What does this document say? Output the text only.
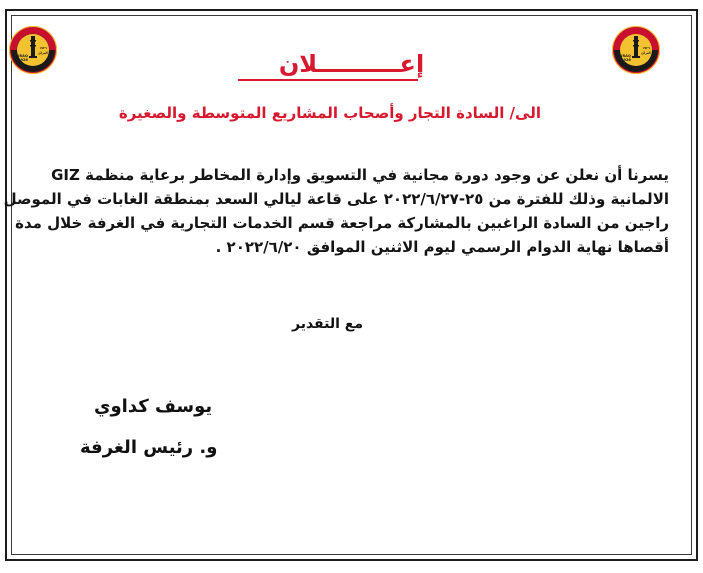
IRAQ
1926
١٩٢٦
العراق
IRAQ
1926
١٩٢٦
العراق
إعــــــــــلان
الى/ السادة التجار وأصحاب المشاريع المتوسطة والصغيرة
يسرنا أن نعلن عن وجود دورة مجانية في التسويق وإدارة المخاطر برعاية منظمة GIZ
الالمانية وذلك للفترة من ٢٥-٢٠٢٢/٦/٢٧ على قاعة ليالي السعد بمنطقة الغابات في الموصل
راجين من السادة الراغبين بالمشاركة مراجعة قسم الخدمات التجارية في الغرفة خلال مدة
أقصاها نهاية الدوام الرسمي ليوم الاثنين الموافق ٢٠٢٢/٦/٢٠ .
مع التقدير
يوسف كداوي
و. رئيس الغرفة
